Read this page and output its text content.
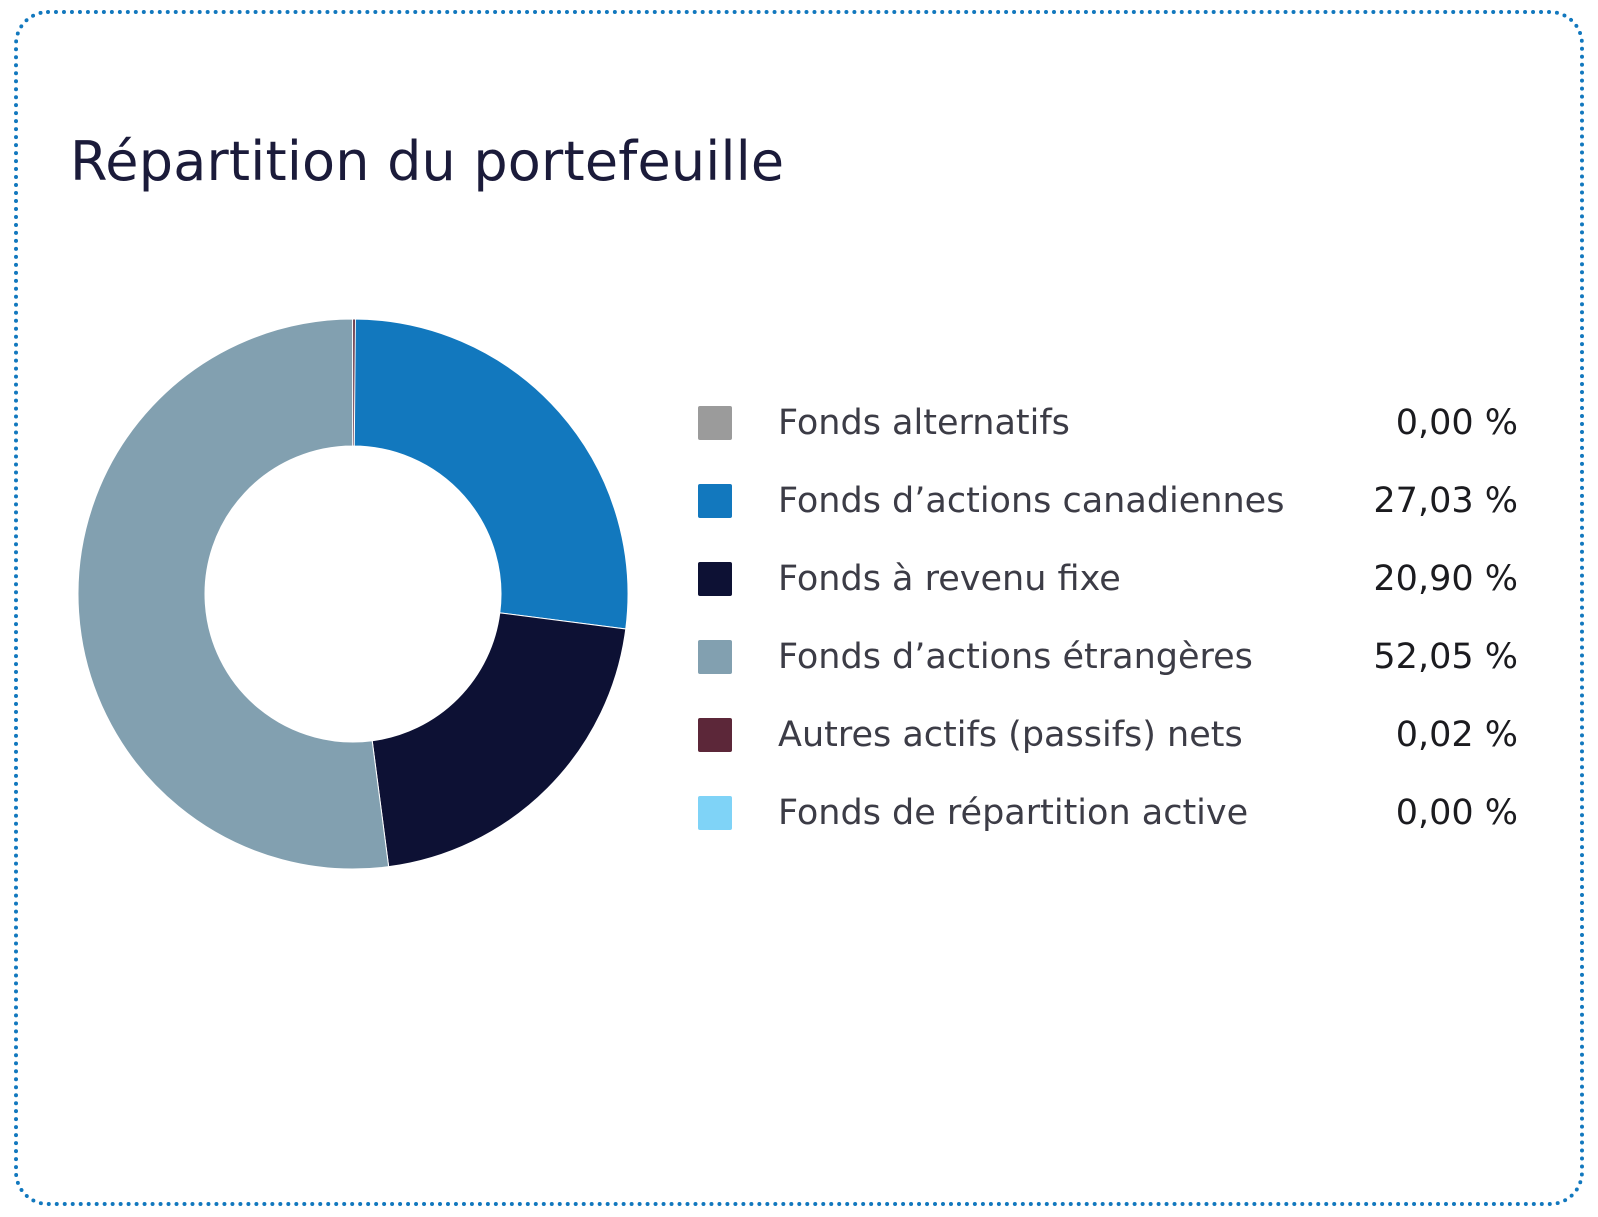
Répartition du portefeuille
Fonds alternatifs	0,00 %
Fonds d’actions canadiennes	27,03 %
Fonds à revenu fixe	20,90 %
Fonds d’actions étrangères	52,05 %
Autres actifs (passifs) nets	0,02 %
Fonds de répartition active	0,00 %
